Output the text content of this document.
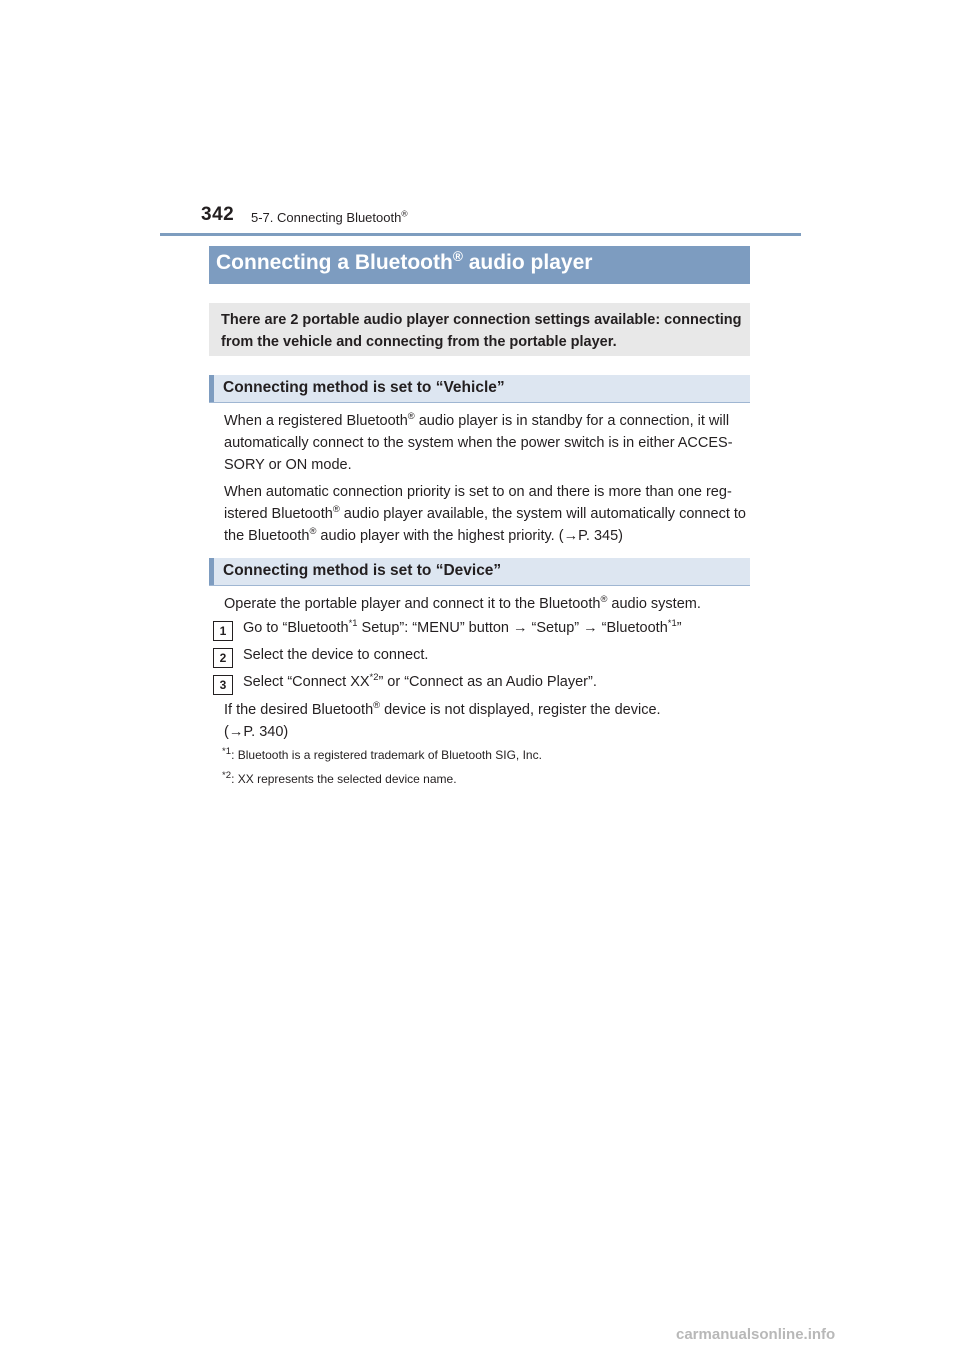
342 5-7. Connecting Bluetooth®
Connecting a Bluetooth® audio player
There are 2 portable audio player connection settings available: connecting from the vehicle and connecting from the portable player.
Connecting method is set to “Vehicle”
When a registered Bluetooth® audio player is in standby for a connection, it will automatically connect to the system when the power switch is in either ACCES-SORY or ON mode.
When automatic connection priority is set to on and there is more than one reg-istered Bluetooth® audio player available, the system will automatically connect to the Bluetooth® audio player with the highest priority. (→P. 345)
Connecting method is set to “Device”
Operate the portable player and connect it to the Bluetooth® audio system.
1	Go to “Bluetooth$^{*1}$ Setup”: “MENU” button → “Setup” → “Bluetooth$^{*1}$”
2	Select the device to connect.
3	Select “Connect XX$^{*2}$” or “Connect as an Audio Player”.
If the desired Bluetooth® device is not displayed, register the device.
(→P. 340)
$^{*1}$: Bluetooth is a registered trademark of Bluetooth SIG, Inc.
$^{*2}$: XX represents the selected device name.
carmanualsonline.info
